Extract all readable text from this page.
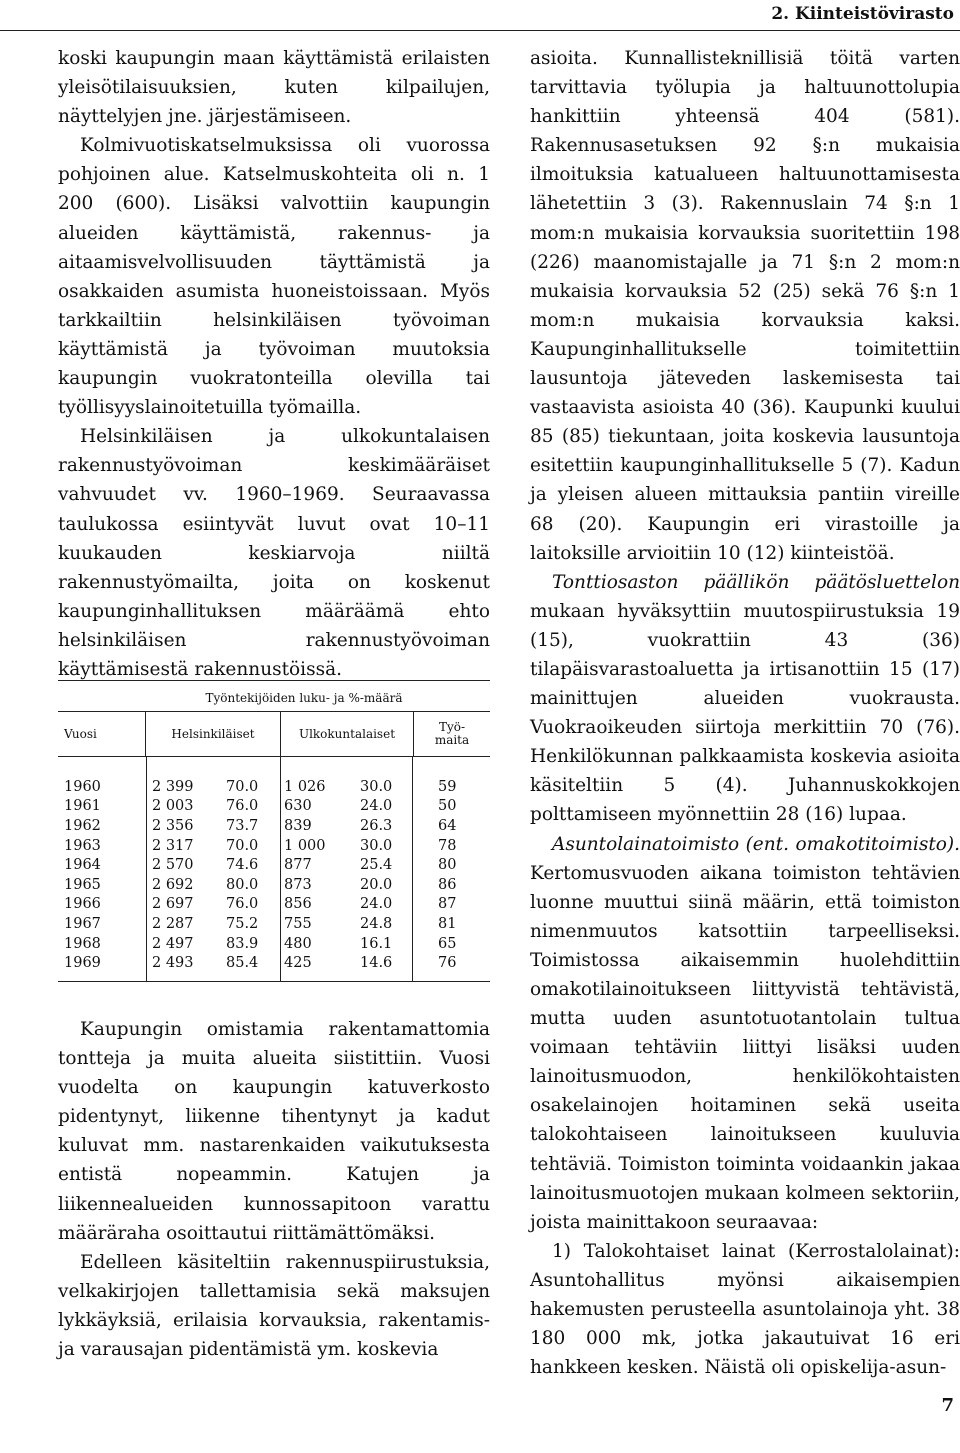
2. Kiinteistövirasto

koski kaupungin maan käyttämistä erilaisten yleisötilaisuuksien, kuten kilpailujen, näyttelyjen jne. järjestämiseen.

Kolmivuotiskatselmuksissa oli vuorossa pohjoinen alue. Katselmuskohteita oli n. 1 200 (600). Lisäksi valvottiin kaupungin alueiden käyttämistä, rakennus- ja aitaamisvelvollisuuden täyttämistä ja osakkaiden asumista huoneistoissaan. Myös tarkkailtiin helsinkiläisen työvoiman käyttämistä ja työvoiman muutoksia kaupungin vuokratonteilla olevilla tai työllisyyslainoitetuilla työmailla.

Helsinkiläisen ja ulkokuntalaisen rakennustyövoiman keskimääräiset vahvuudet vv. 1960–1969. Seuraavassa taulukossa esiintyvät luvut ovat 10–11 kuukauden keskiarvoja niiltä rakennustyömailta, joita on koskenut kaupunginhallituksen määräämä ehto helsinkiläisen rakennustyövoiman käyttämisestä rakennustöissä.

Työntekijöiden luku- ja %-määrä
Vuosi	Helsinkiläiset	Ulkokuntalaiset	Työ-
maita
1960	2 399	70.0	1 026	30.0	59
1961	2 003	76.0	630	24.0	50
1962	2 356	73.7	839	26.3	64
1963	2 317	70.0	1 000	30.0	78
1964	2 570	74.6	877	25.4	80
1965	2 692	80.0	873	20.0	86
1966	2 697	76.0	856	24.0	87
1967	2 287	75.2	755	24.8	81
1968	2 497	83.9	480	16.1	65
1969	2 493	85.4	425	14.6	76

Kaupungin omistamia rakentamattomia tontteja ja muita alueita siistittiin. Vuosi vuodelta on kaupungin katuverkosto pidentynyt, liikenne tihentynyt ja kadut kuluvat mm. nastarenkaiden vaikutuksesta entistä nopeammin. Katujen ja liikennealueiden kunnossapitoon varattu määräraha osoittautui riittämättömäksi.

Edelleen käsiteltiin rakennuspiirustuksia, velkakirjojen tallettamisia sekä maksujen lykkäyksiä, erilaisia korvauksia, rakentamis- ja varausajan pidentämistä ym. koskevia

asioita. Kunnallisteknillisiä töitä varten tarvittavia työlupia ja haltuunottolupia hankittiin yhteensä 404 (581). Rakennusasetuksen 92 §:n mukaisia ilmoituksia katualueen haltuunottamisesta lähetettiin 3 (3). Rakennuslain 74 §:n 1 mom:n mukaisia korvauksia suoritettiin 198 (226) maanomistajalle ja 71 §:n 2 mom:n mukaisia korvauksia 52 (25) sekä 76 §:n 1 mom:n mukaisia korvauksia kaksi. Kaupunginhallitukselle toimitettiin lausuntoja jäteveden laskemisesta tai vastaavista asioista 40 (36). Kaupunki kuului 85 (85) tiekuntaan, joita koskevia lausuntoja esitettiin kaupunginhallitukselle 5 (7). Kadun ja yleisen alueen mittauksia pantiin vireille 68 (20). Kaupungin eri virastoille ja laitoksille arvioitiin 10 (12) kiinteistöä.

Tonttiosaston päällikön päätösluettelon mukaan hyväksyttiin muutospiirustuksia 19 (15), vuokrattiin 43 (36) tilapäisvarastoaluetta ja irtisanottiin 15 (17) mainittujen alueiden vuokrausta. Vuokraoikeuden siirtoja merkittiin 70 (76). Henkilökunnan palkkaamista koskevia asioita käsiteltiin 5 (4). Juhannuskokkojen polttamiseen myönnettiin 28 (16) lupaa.

Asuntolainatoimisto (ent. omakotitoimisto). Kertomusvuoden aikana toimiston tehtävien luonne muuttui siinä määrin, että toimiston nimenmuutos katsottiin tarpeelliseksi. Toimistossa aikaisemmin huolehdittiin omakotilainoitukseen liittyvistä tehtävistä, mutta uuden asuntotuotantolain tultua voimaan tehtäviin liittyi lisäksi uuden lainoitusmuodon, henkilökohtaisten osakelainojen hoitaminen sekä useita talokohtaiseen lainoitukseen kuuluvia tehtäviä. Toimiston toiminta voidaankin jakaa lainoitusmuotojen mukaan kolmeen sektoriin, joista mainittakoon seuraavaa:

1) Talokohtaiset lainat (Kerrostalolainat): Asuntohallitus myönsi aikaisempien hakemusten perusteella asuntolainoja yht. 38 180 000 mk, jotka jakautuivat 16 eri hankkeen kesken. Näistä oli opiskelija-asun-

7
